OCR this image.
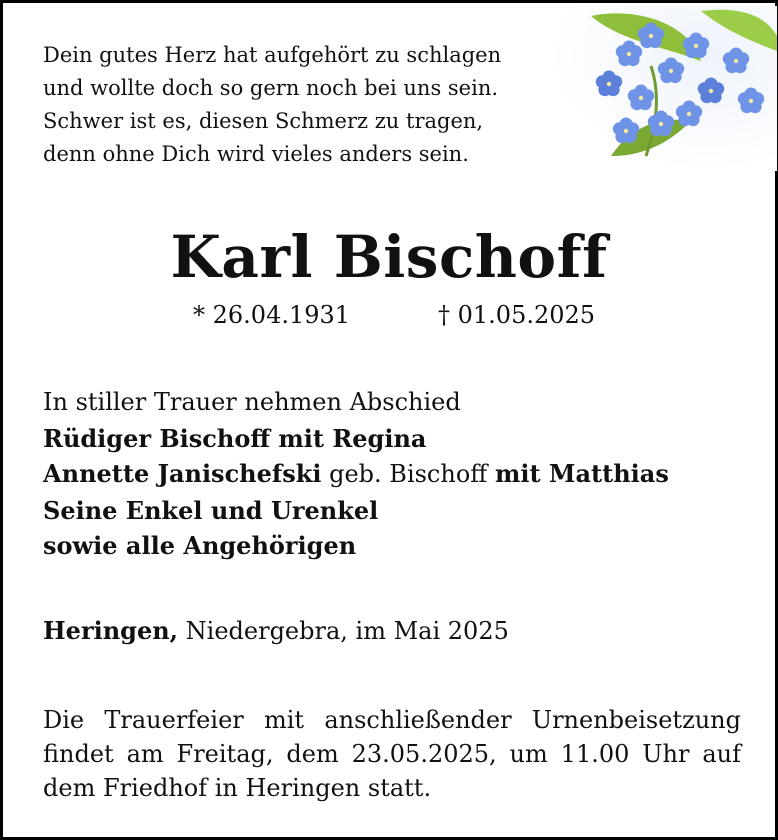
Dein gutes Herz hat aufgehört zu schlagen
und wollte doch so gern noch bei uns sein.
Schwer ist es, diesen Schmerz zu tragen,
denn ohne Dich wird vieles anders sein.
Karl Bischoff
* 26.04.1931	† 01.05.2025
In stiller Trauer nehmen Abschied
Rüdiger Bischoff mit Regina
Annette Janischefski geb. Bischoff mit Matthias
Seine Enkel und Urenkel
sowie alle Angehörigen
Heringen, Niedergebra, im Mai 2025
Die Trauerfeier mit anschließender Urnenbeisetzung
findet am Freitag, dem 23.05.2025, um 11.00 Uhr auf
dem Friedhof in Heringen statt.
